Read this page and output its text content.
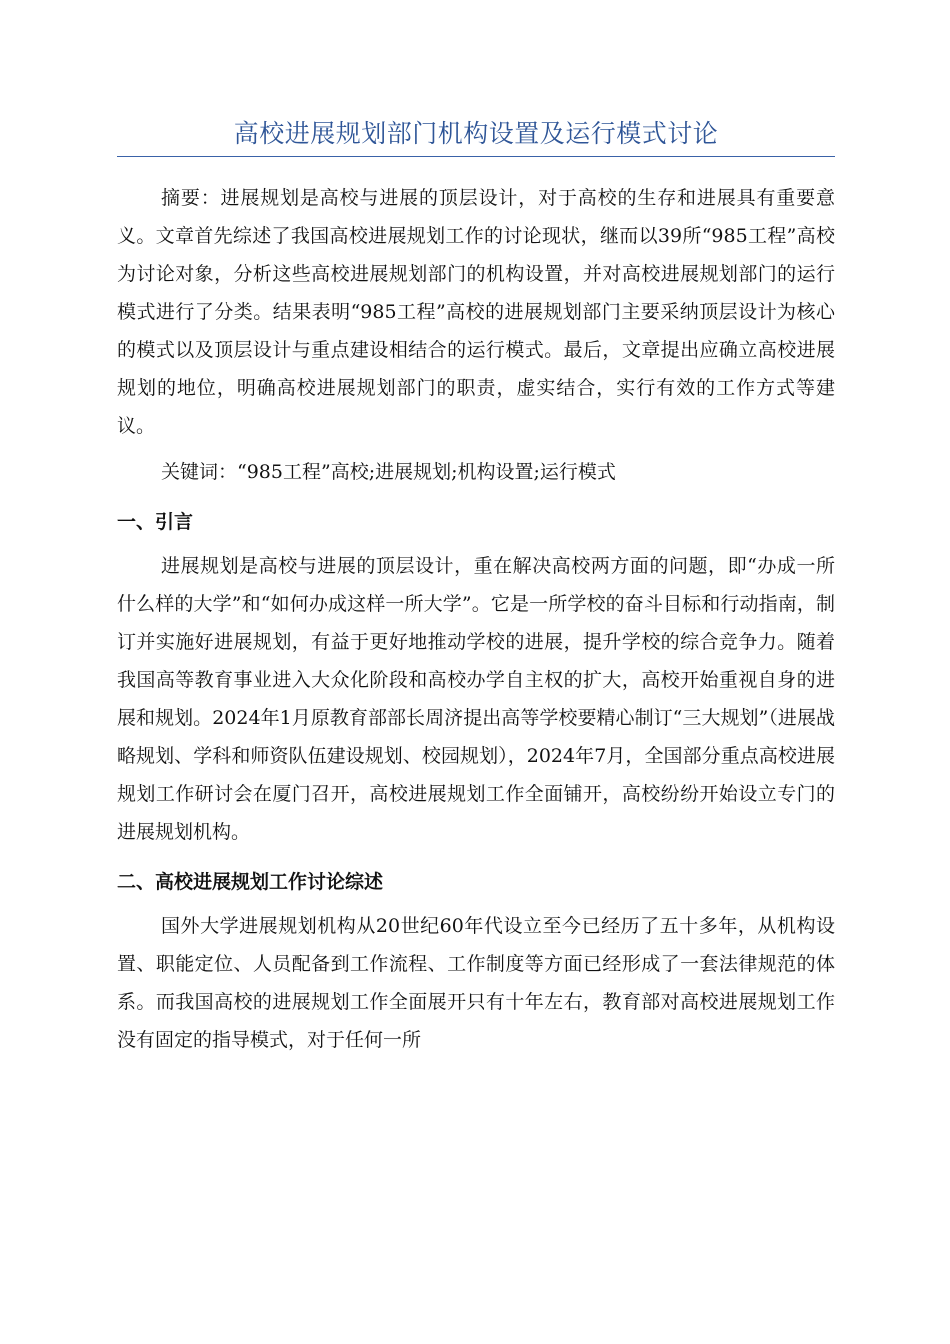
高校进展规划部门机构设置及运行模式讨论

摘要：进展规划是高校与进展的顶层设计，对于高校的生存和进展具有重要意义。文章首先综述了我国高校进展规划工作的讨论现状，继而以39所“985工程”高校为讨论对象，分析这些高校进展规划部门的机构设置，并对高校进展规划部门的运行模式进行了分类。结果表明“985工程”高校的进展规划部门主要采纳顶层设计为核心的模式以及顶层设计与重点建设相结合的运行模式。最后，文章提出应确立高校进展规划的地位，明确高校进展规划部门的职责，虚实结合，实行有效的工作方式等建议。

关键词：“985工程”高校;进展规划;机构设置;运行模式

一、引言

进展规划是高校与进展的顶层设计，重在解决高校两方面的问题，即“办成一所什么样的大学”和“如何办成这样一所大学”。它是一所学校的奋斗目标和行动指南，制订并实施好进展规划，有益于更好地推动学校的进展，提升学校的综合竞争力。随着我国高等教育事业进入大众化阶段和高校办学自主权的扩大，高校开始重视自身的进展和规划。2024年1月原教育部部长周济提出高等学校要精心制订“三大规划”（进展战略规划、学科和师资队伍建设规划、校园规划），2024年7月，全国部分重点高校进展规划工作研讨会在厦门召开，高校进展规划工作全面铺开，高校纷纷开始设立专门的进展规划机构。

二、高校进展规划工作讨论综述

国外大学进展规划机构从20世纪60年代设立至今已经历了五十多年，从机构设置、职能定位、人员配备到工作流程、工作制度等方面已经形成了一套法律规范的体系。而我国高校的进展规划工作全面展开只有十年左右，教育部对高校进展规划工作没有固定的指导模式，对于任何一所
